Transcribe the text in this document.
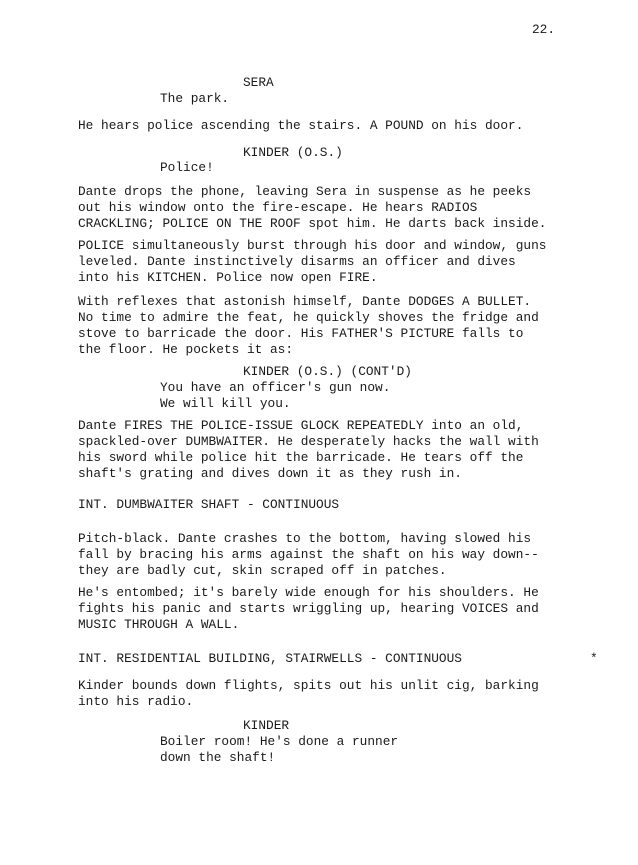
22.
SERA
The park.
He hears police ascending the stairs. A POUND on his door.
KINDER (O.S.)
Police!
Dante drops the phone, leaving Sera in suspense as he peeks
out his window onto the fire-escape. He hears RADIOS
CRACKLING; POLICE ON THE ROOF spot him. He darts back inside.
POLICE simultaneously burst through his door and window, guns
leveled. Dante instinctively disarms an officer and dives
into his KITCHEN. Police now open FIRE.
With reflexes that astonish himself, Dante DODGES A BULLET.
No time to admire the feat, he quickly shoves the fridge and
stove to barricade the door. His FATHER'S PICTURE falls to
the floor. He pockets it as:
KINDER (O.S.) (CONT'D)
You have an officer's gun now.
We will kill you.
Dante FIRES THE POLICE-ISSUE GLOCK REPEATEDLY into an old,
spackled-over DUMBWAITER. He desperately hacks the wall with
his sword while police hit the barricade. He tears off the
shaft's grating and dives down it as they rush in.
INT. DUMBWAITER SHAFT - CONTINUOUS
Pitch-black. Dante crashes to the bottom, having slowed his
fall by bracing his arms against the shaft on his way down--
they are badly cut, skin scraped off in patches.
He's entombed; it's barely wide enough for his shoulders. He
fights his panic and starts wriggling up, hearing VOICES and
MUSIC THROUGH A WALL.
INT. RESIDENTIAL BUILDING, STAIRWELLS - CONTINUOUS	*
Kinder bounds down flights, spits out his unlit cig, barking
into his radio.
KINDER
Boiler room! He's done a runner
down the shaft!
